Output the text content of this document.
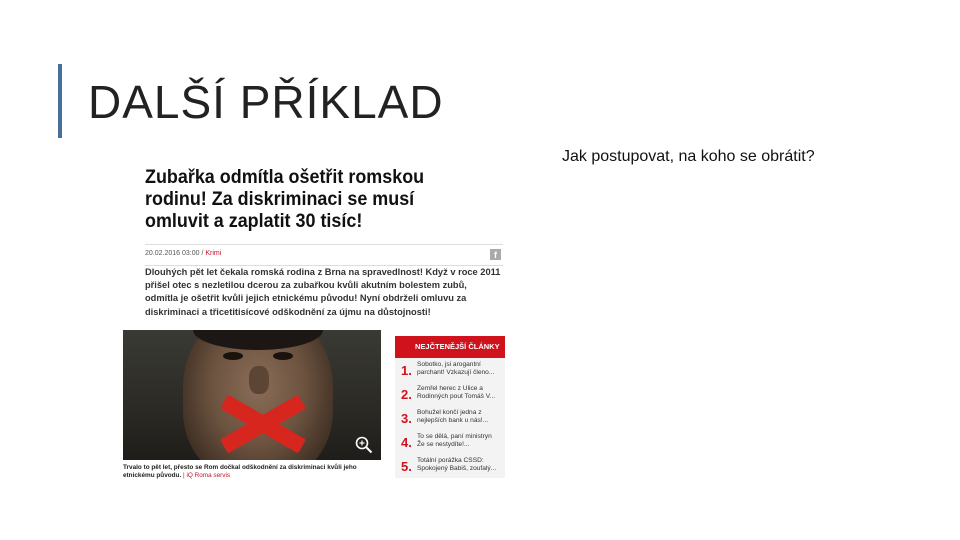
DALŠÍ PŘÍKLAD
Jak postupovat, na koho se obrátit?
Zubařka odmítla ošetřit romskou rodinu! Za diskriminaci se musí omluvit a zaplatit 30 tisíc!
20.02.2016 03:00 / Krimi	f
Dlouhých pět let čekala romská rodina z Brna na spravedlnost! Když v roce 2011 přišel otec s nezletilou dcerou za zubařkou kvůli akutním bolestem zubů, odmítla je ošetřit kvůli jejich etnickému původu! Nyní obdrželi omluvu za diskriminaci a třicetitisícové odškodnění za újmu na důstojnosti!
Trvalo to pět let, přesto se Rom dočkal odškodnění za diskriminaci kvůli jeho etnickému původu. | iQ Roma servis
NEJČTENĚJŠÍ ČLÁNKY
1. Sobotko, jsi arogantní
parchant! Vzkazují členo...
2. Zemřel herec z Ulice a
Rodinných pout Tomáš V...
3. Bohužel končí jedna z
nejlepších bank u nás!...
4. To se dělá, paní ministryn
Že se nestydíte!...
5. Totální porážka ČSSD:
Spokojený Babiš, zoufalý...
